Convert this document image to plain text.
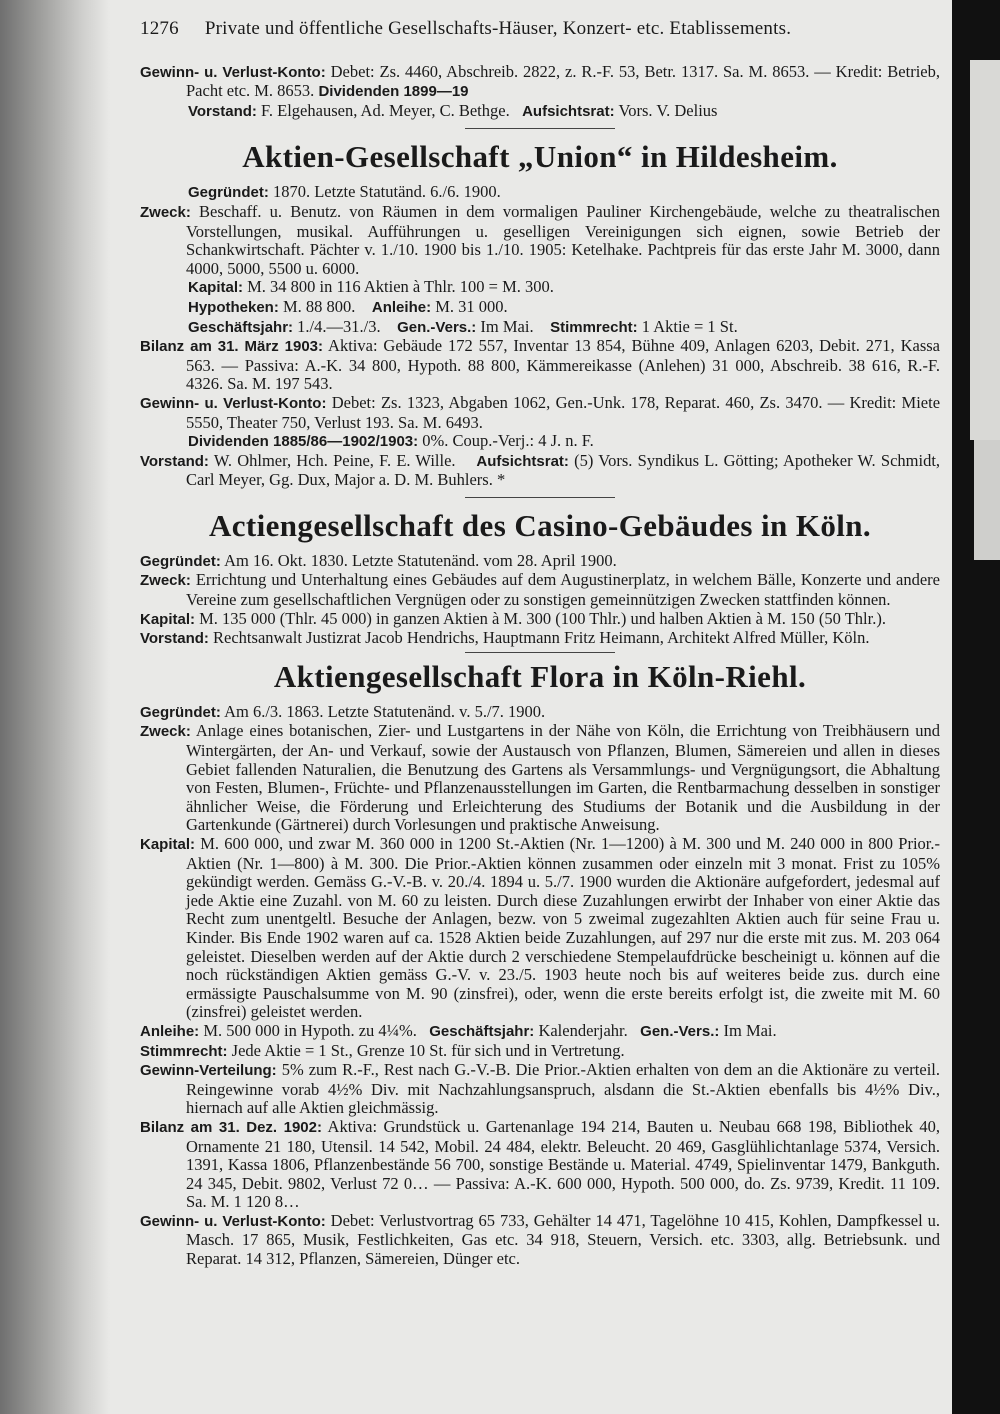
1276 Private und öffentliche Gesellschafts-Häuser, Konzert- etc. Etablissements.

Gewinn- u. Verlust-Konto: Debet: Zs. 4460, Abschreib. 2822, z. R.-F. 53, Betr. 1317. Sa. M. 8653. — Kredit: Betrieb, Pacht etc. M. 8653. Dividenden 1899—19

Vorstand: F. Elgehausen, Ad. Meyer, C. Bethge. Aufsichtsrat: Vors. V. Delius

Aktien-Gesellschaft „Union“ in Hildesheim.

Gegründet: 1870. Letzte Statutänd. 6./6. 1900.

Zweck: Beschaff. u. Benutz. von Räumen in dem vormaligen Pauliner Kirchengebäude, welche zu theatralischen Vorstellungen, musikal. Aufführungen u. geselligen Vereinigungen sich eignen, sowie Betrieb der Schankwirtschaft. Pächter v. 1./10. 1900 bis 1./10. 1905: Ketelhake. Pachtpreis für das erste Jahr M. 3000, dann 4000, 5000, 5500 u. 6000.

Kapital: M. 34 800 in 116 Aktien à Thlr. 100 = M. 300.

Hypotheken: M. 88 800. Anleihe: M. 31 000.

Geschäftsjahr: 1./4.—31./3. Gen.-Vers.: Im Mai. Stimmrecht: 1 Aktie = 1 St.

Bilanz am 31. März 1903: Aktiva: Gebäude 172 557, Inventar 13 854, Bühne 409, Anlagen 6203, Debit. 271, Kassa 563. — Passiva: A.-K. 34 800, Hypoth. 88 800, Kämmereikasse (Anlehen) 31 000, Abschreib. 38 616, R.-F. 4326. Sa. M. 197 543.

Gewinn- u. Verlust-Konto: Debet: Zs. 1323, Abgaben 1062, Gen.-Unk. 178, Reparat. 460, Zs. 3470. — Kredit: Miete 5550, Theater 750, Verlust 193. Sa. M. 6493.

Dividenden 1885/86—1902/1903: 0%. Coup.-Verj.: 4 J. n. F.

Vorstand: W. Ohlmer, Hch. Peine, F. E. Wille. Aufsichtsrat: (5) Vors. Syndikus L. Götting; Apotheker W. Schmidt, Carl Meyer, Gg. Dux, Major a. D. M. Buhlers. *

Actiengesellschaft des Casino-Gebäudes in Köln.

Gegründet: Am 16. Okt. 1830. Letzte Statutenänd. vom 28. April 1900.

Zweck: Errichtung und Unterhaltung eines Gebäudes auf dem Augustinerplatz, in welchem Bälle, Konzerte und andere Vereine zum gesellschaftlichen Vergnügen oder zu sonstigen gemeinnützigen Zwecken stattfinden können.

Kapital: M. 135 000 (Thlr. 45 000) in ganzen Aktien à M. 300 (100 Thlr.) und halben Aktien à M. 150 (50 Thlr.).

Vorstand: Rechtsanwalt Justizrat Jacob Hendrichs, Hauptmann Fritz Heimann, Architekt Alfred Müller, Köln.

Aktiengesellschaft Flora in Köln-Riehl.

Gegründet: Am 6./3. 1863. Letzte Statutenänd. v. 5./7. 1900.

Zweck: Anlage eines botanischen, Zier- und Lustgartens in der Nähe von Köln, die Errichtung von Treibhäusern und Wintergärten, der An- und Verkauf, sowie der Austausch von Pflanzen, Blumen, Sämereien und allen in dieses Gebiet fallenden Naturalien, die Benutzung des Gartens als Versammlungs- und Vergnügungsort, die Abhaltung von Festen, Blumen-, Früchte- und Pflanzenausstellungen im Garten, die Rentbarmachung desselben in sonstiger ähnlicher Weise, die Förderung und Erleichterung des Studiums der Botanik und die Ausbildung in der Gartenkunde (Gärtnerei) durch Vorlesungen und praktische Anweisung.

Kapital: M. 600 000, und zwar M. 360 000 in 1200 St.-Aktien (Nr. 1—1200) à M. 300 und M. 240 000 in 800 Prior.-Aktien (Nr. 1—800) à M. 300. Die Prior.-Aktien können zusammen oder einzeln mit 3 monat. Frist zu 105% gekündigt werden. Gemäss G.-V.-B. v. 20./4. 1894 u. 5./7. 1900 wurden die Aktionäre aufgefordert, jedesmal auf jede Aktie eine Zuzahl. von M. 60 zu leisten. Durch diese Zuzahlungen erwirbt der Inhaber von einer Aktie das Recht zum unentgeltl. Besuche der Anlagen, bezw. von 5 zweimal zugezahlten Aktien auch für seine Frau u. Kinder. Bis Ende 1902 waren auf ca. 1528 Aktien beide Zuzahlungen, auf 297 nur die erste mit zus. M. 203 064 geleistet. Dieselben werden auf der Aktie durch 2 verschiedene Stempelaufdrücke bescheinigt u. können auf die noch rückständigen Aktien gemäss G.-V. v. 23./5. 1903 heute noch bis auf weiteres beide zus. durch eine ermässigte Pauschalsumme von M. 90 (zinsfrei), oder, wenn die erste bereits erfolgt ist, die zweite mit M. 60 (zinsfrei) geleistet werden.

Anleihe: M. 500 000 in Hypoth. zu 4¼%. Geschäftsjahr: Kalenderjahr. Gen.-Vers.: Im Mai.

Stimmrecht: Jede Aktie = 1 St., Grenze 10 St. für sich und in Vertretung.

Gewinn-Verteilung: 5% zum R.-F., Rest nach G.-V.-B. Die Prior.-Aktien erhalten von dem an die Aktionäre zu verteil. Reingewinne vorab 4½% Div. mit Nachzahlungsanspruch, alsdann die St.-Aktien ebenfalls bis 4½% Div., hiernach auf alle Aktien gleichmässig.

Bilanz am 31. Dez. 1902: Aktiva: Grundstück u. Gartenanlage 194 214, Bauten u. Neubau 668 198, Bibliothek 40, Ornamente 21 180, Utensil. 14 542, Mobil. 24 484, elektr. Beleucht. 20 469, Gasglühlichtanlage 5374, Versich. 1391, Kassa 1806, Pflanzenbestände 56 700, sonstige Bestände u. Material. 4749, Spielinventar 1479, Bankguth. 24 345, Debit. 9802, Verlust 72 0… — Passiva: A.-K. 600 000, Hypoth. 500 000, do. Zs. 9739, Kredit. 11 109. Sa. M. 1 120 8…

Gewinn- u. Verlust-Konto: Debet: Verlustvortrag 65 733, Gehälter 14 471, Tagelöhne 10 415, Kohlen, Dampfkessel u. Masch. 17 865, Musik, Festlichkeiten, Gas etc. 34 918, Steuern, Versich. etc. 3303, allg. Betriebsunk. und Reparat. 14 312, Pflanzen, Sämereien, Dünger etc.
